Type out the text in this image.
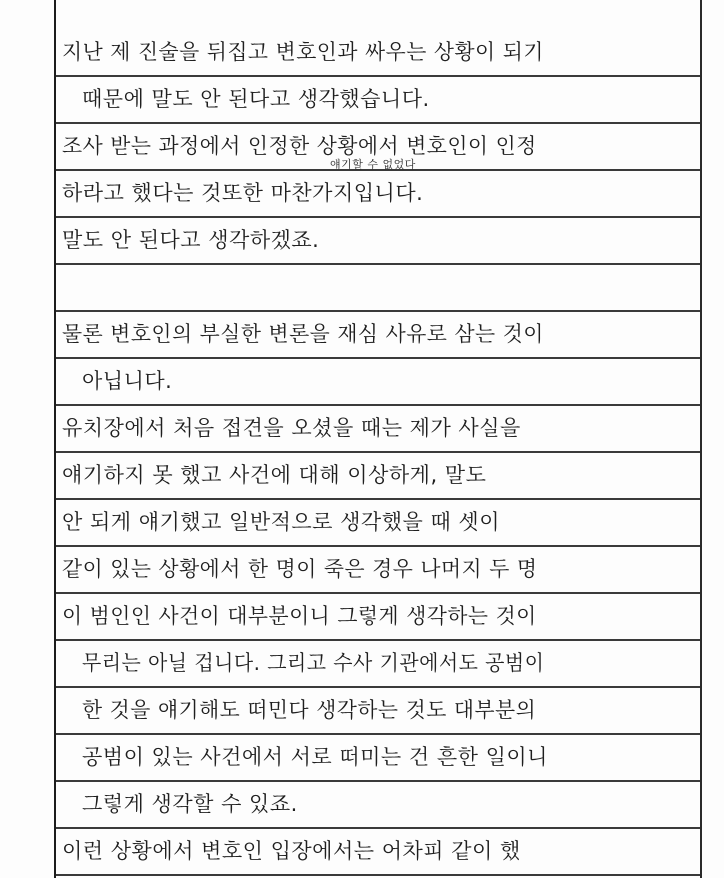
지난 제 진술을 뒤집고 변호인과 싸우는 상황이 되기
때문에 말도 안 된다고 생각했습니다.
조사 받는 과정에서 인정한 상황에서 변호인이 인정
하라고 했다는 것또한 마찬가지입니다.
말도 안 된다고 생각하겠죠.
물론 변호인의 부실한 변론을 재심 사유로 삼는 것이
아닙니다.
유치장에서 처음 접견을 오셨을 때는 제가 사실을
얘기하지 못 했고 사건에 대해 이상하게, 말도
안 되게 얘기했고 일반적으로 생각했을 때 셋이
같이 있는 상황에서 한 명이 죽은 경우 나머지 두 명
이 범인인 사건이 대부분이니 그렇게 생각하는 것이
무리는 아닐 겁니다. 그리고 수사 기관에서도 공범이
한 것을 얘기해도 떠민다 생각하는 것도 대부분의
공범이 있는 사건에서 서로 떠미는 건 흔한 일이니
그렇게 생각할 수 있죠.
이런 상황에서 변호인 입장에서는 어차피 같이 했
얘기할 수 없었다
